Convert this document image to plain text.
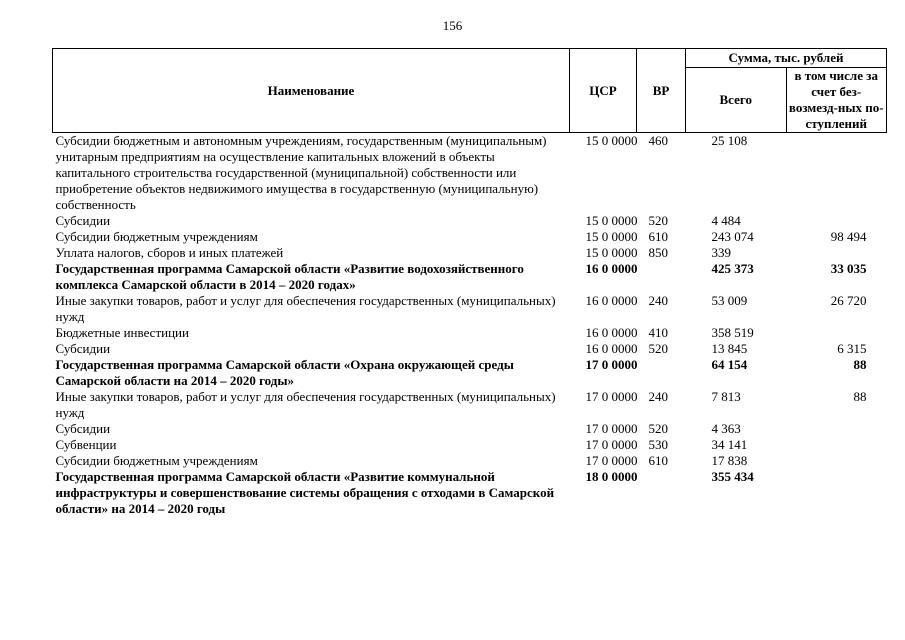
156
Наименование	ЦСР	ВР	Сумма, тыс. рублей	
			Всего	в том числе за счет без-возмезд-ных по-ступлений
Субсидии бюджетным и автономным учреждениям, государственным (муниципальным) унитарным предприятиям на осуществление капитальных вложений в объекты капитального строительства государственной (муниципальной) собственности или приобретение объектов недвижимого имущества в государственную (муниципальную) собственность	15 0 0000	460	25 108	
Субсидии	15 0 0000	520	4 484	
Субсидии бюджетным учреждениям	15 0 0000	610	243 074	98 494
Уплата налогов, сборов и иных платежей	15 0 0000	850	339	
Государственная программа Самарской области «Развитие водохозяйственного комплекса Самарской области в 2014 – 2020 годах»	16 0 0000		425 373	33 035
Иные закупки товаров, работ и услуг для обеспечения государственных (муниципальных) нужд	16 0 0000	240	53 009	26 720
Бюджетные инвестиции	16 0 0000	410	358 519	
Субсидии	16 0 0000	520	13 845	6 315
Государственная программа Самарской области «Охрана окружающей среды Самарской области на 2014 – 2020 годы»	17 0 0000		64 154	88
Иные закупки товаров, работ и услуг для обеспечения государственных (муниципальных) нужд	17 0 0000	240	7 813	88
Субсидии	17 0 0000	520	4 363	
Субвенции	17 0 0000	530	34 141	
Субсидии бюджетным учреждениям	17 0 0000	610	17 838	
Государственная программа Самарской области «Развитие коммунальной инфраструктуры и совершенствование системы обращения с отходами в Самарской области» на 2014 – 2020 годы	18 0 0000		355 434	
